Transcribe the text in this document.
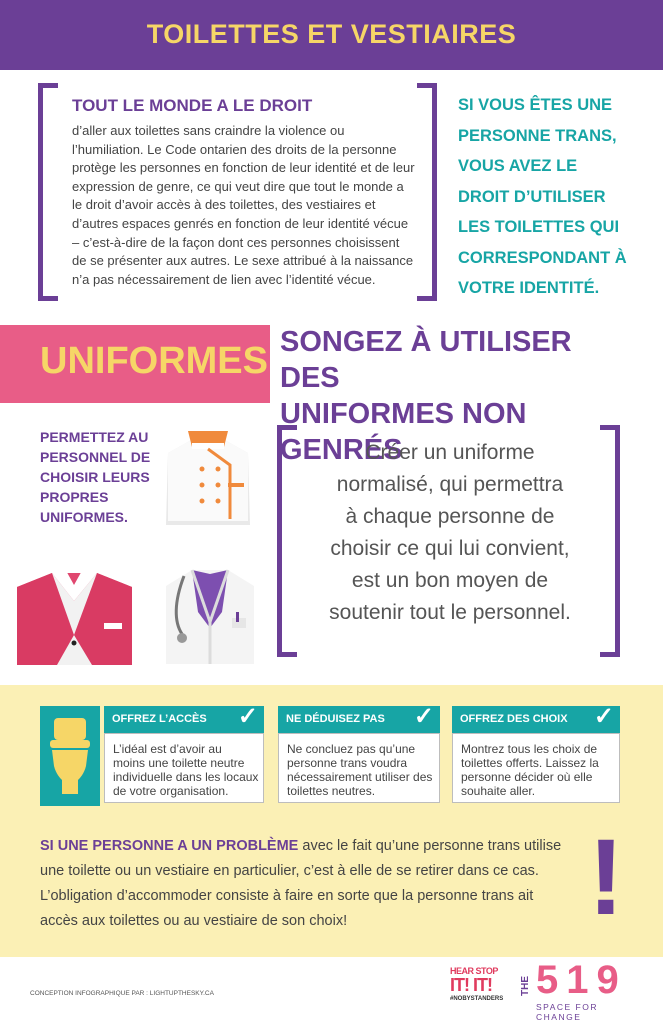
TOILETTES ET VESTIAIRES
TOUT LE MONDE A LE DROIT
d’aller aux toilettes sans craindre la violence ou l’humiliation. Le Code ontarien des droits de la personne protège les personnes en fonction de leur identité et de leur expression de genre, ce qui veut dire que tout le monde a le droit d’avoir accès à des toilettes, des vestiaires et d’autres espaces genrés en fonction de leur identité vécue – c’est-à-dire de la façon dont ces personnes choisissent de se présenter aux autres. Le sexe attribué à la naissance n’a pas nécessairement de lien avec l’identité vécue.
SI VOUS ÊTES UNE
PERSONNE TRANS,
VOUS AVEZ LE
DROIT D’UTILISER
LES TOILETTES QUI
CORRESPONDANT À
VOTRE IDENTITÉ.
UNIFORMES SONGEZ À UTILISER DES
UNIFORMES NON GENRÉS
PERMETTEZ AU
PERSONNEL DE
CHOISIR LEURS
PROPRES
UNIFORMES.
Créer un uniforme
normalisé, qui permettra
à chaque personne de
choisir ce qui lui convient,
est un bon moyen de
soutenir tout le personnel.
OFFREZ L’ACCÈS ✓
L’idéal est d’avoir au
moins une toilette neutre
individuelle dans les locaux
de votre organisation.
NE DÉDUISEZ PAS ✓
Ne concluez pas qu’une
personne trans voudra
nécessairement utiliser des
toilettes neutres.
OFFREZ DES CHOIX ✓
Montrez tous les choix de
toilettes offerts. Laissez la
personne décider où elle
souhaite aller.
SI UNE PERSONNE A UN PROBLÈME avec le fait qu’une personne trans utilise
une toilette ou un vestiaire en particulier, c’est à elle de se retirer dans ce cas.
L’obligation d’accommoder consiste à faire en sorte que la personne trans ait
accès aux toilettes ou au vestiaire de son choix!	!
CONCEPTION INFOGRAPHIQUE PAR : LIGHTUPTHESKY.CA
HEAR STOP
IT! IT!
#NOBYSTANDERS
THE 519
SPACE FOR CHANGE
